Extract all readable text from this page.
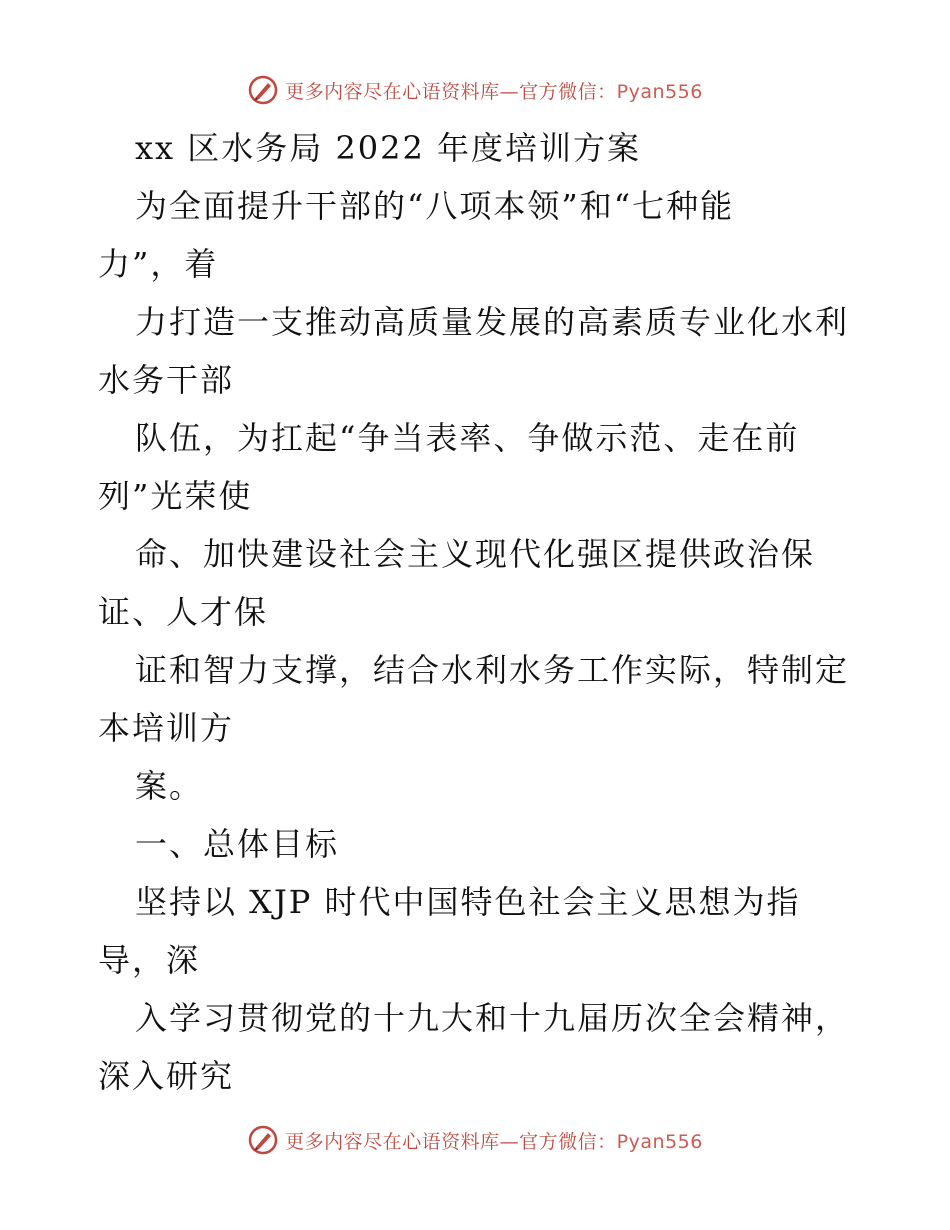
更多内容尽在心语资料库—官方微信：Pyan556
xx 区水务局 2022 年度培训方案
为全面提升干部的“八项本领”和“七种能
力”，着
力打造一支推动高质量发展的高素质专业化水利
水务干部
队伍，为扛起“争当表率、争做示范、走在前
列”光荣使
命、加快建设社会主义现代化强区提供政治保
证、人才保
证和智力支撑，结合水利水务工作实际，特制定
本培训方
案。
一、总体目标
坚持以 XJP 时代中国特色社会主义思想为指
导，深
入学习贯彻党的十九大和十九届历次全会精神，
深入研究
更多内容尽在心语资料库—官方微信：Pyan556
